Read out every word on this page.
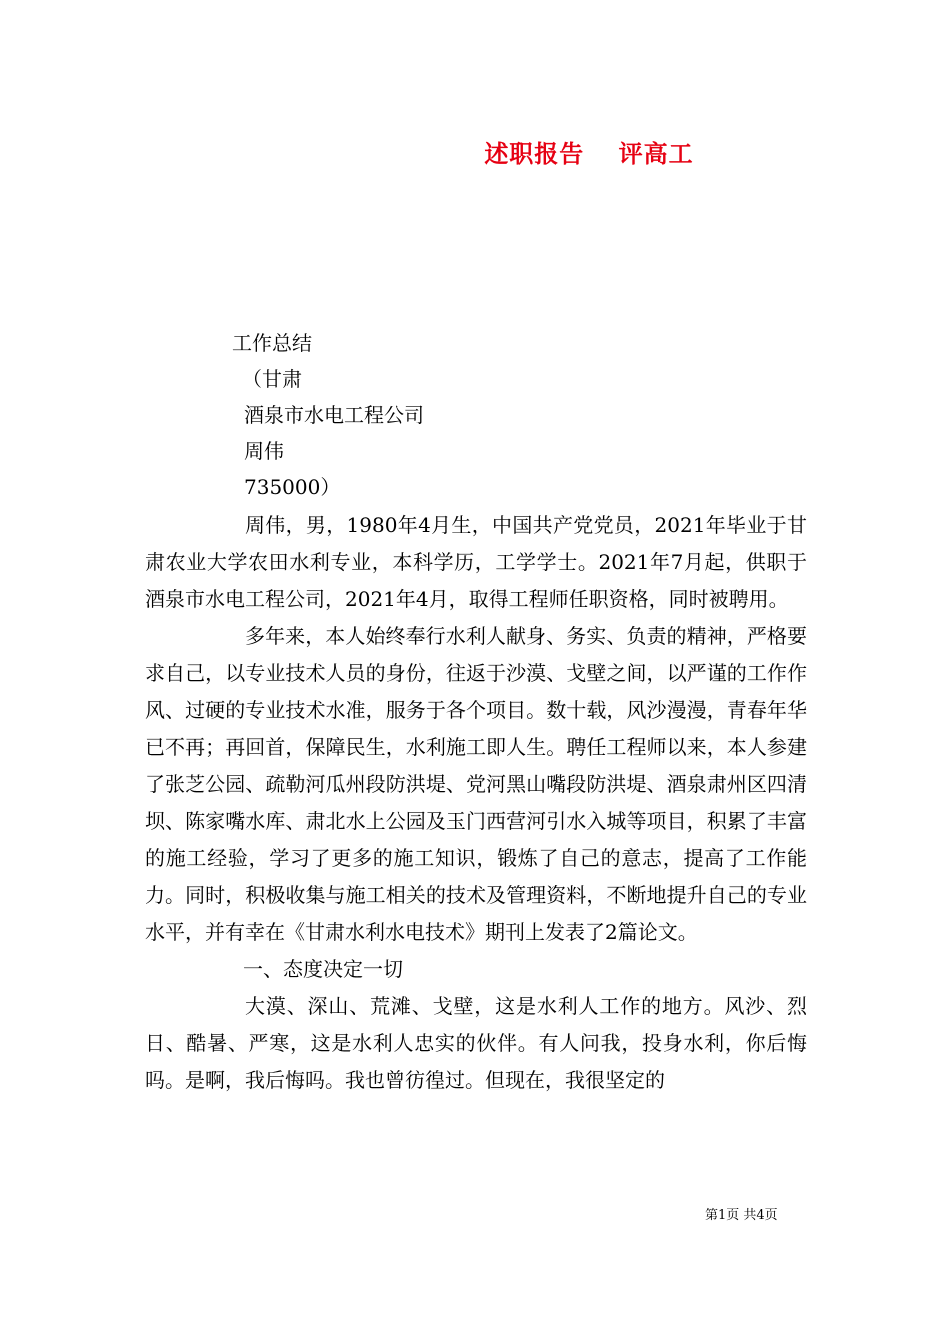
述职报告　 评高工
工作总结
（甘肃
酒泉市水电工程公司
周伟
735000）

周伟，男，1980年4月生，中国共产党党员，2021年毕业于甘肃农业大学农田水利专业，本科学历，工学学士。2021年7月起，供职于酒泉市水电工程公司，2021年4月，取得工程师任职资格，同时被聘用。

多年来，本人始终奉行水利人献身、务实、负责的精神，严格要求自己，以专业技术人员的身份，往返于沙漠、戈壁之间，以严谨的工作作风、过硬的专业技术水准，服务于各个项目。数十载，风沙漫漫，青春年华已不再；再回首，保障民生，水利施工即人生。聘任工程师以来，本人参建了张芝公园、疏勒河瓜州段防洪堤、党河黑山嘴段防洪堤、酒泉肃州区四清坝、陈家嘴水库、肃北水上公园及玉门西营河引水入城等项目，积累了丰富的施工经验，学习了更多的施工知识，锻炼了自己的意志，提高了工作能力。同时，积极收集与施工相关的技术及管理资料，不断地提升自己的专业水平，并有幸在《甘肃水利水电技术》期刊上发表了2篇论文。

一、态度决定一切

大漠、深山、荒滩、戈壁，这是水利人工作的地方。风沙、烈日、酷暑、严寒，这是水利人忠实的伙伴。有人问我，投身水利，你后悔吗。是啊，我后悔吗。我也曾彷徨过。但现在，我很坚定的

第1页 共4页
